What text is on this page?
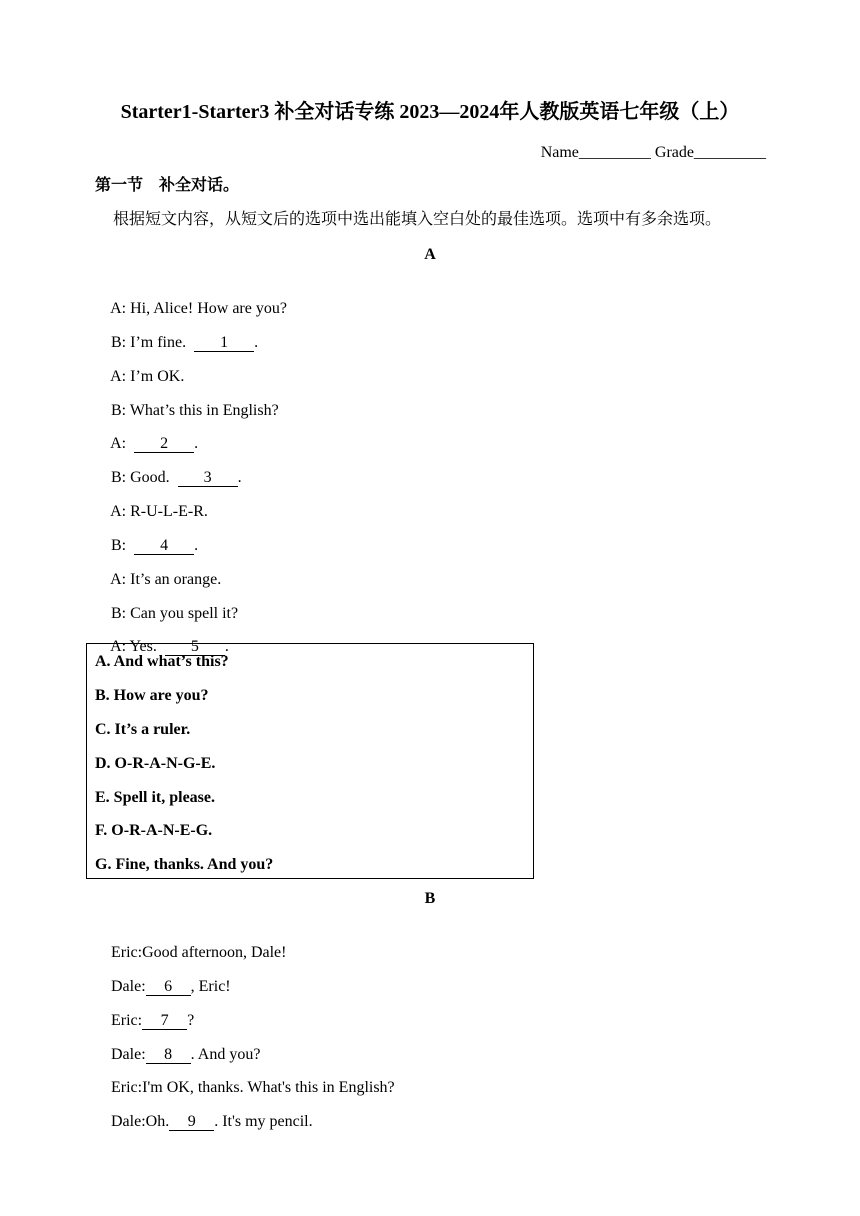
Starter1-Starter3 补全对话专练 2023—2024年人教版英语七年级（上）
Name_________ Grade_________
第一节　补全对话。
根据短文内容，从短文后的选项中选出能填入空白处的最佳选项。选项中有多余选项。
A

A: Hi, Alice! How are you?

B: I’m fine.  1 .

A: I’m OK.

B: What’s this in English?

A:  2 .

B: Good.  3 .

A: R-U-L-E-R.

B:  4 .

A: It’s an orange.

B: Can you spell it?

A: Yes.  5 .

A. And what’s this?
B. How are you?
C. It’s a ruler.
D. O-R-A-N-G-E.
E. Spell it, please.
F. O-R-A-N-E-G.
G. Fine, thanks. And you?
B

Eric:Good afternoon, Dale!

Dale: 6 , Eric!

Eric: 7 ?

Dale: 8 . And you?

Eric:I'm OK, thanks. What's this in English?

Dale:Oh. 9 . It's my pencil.
